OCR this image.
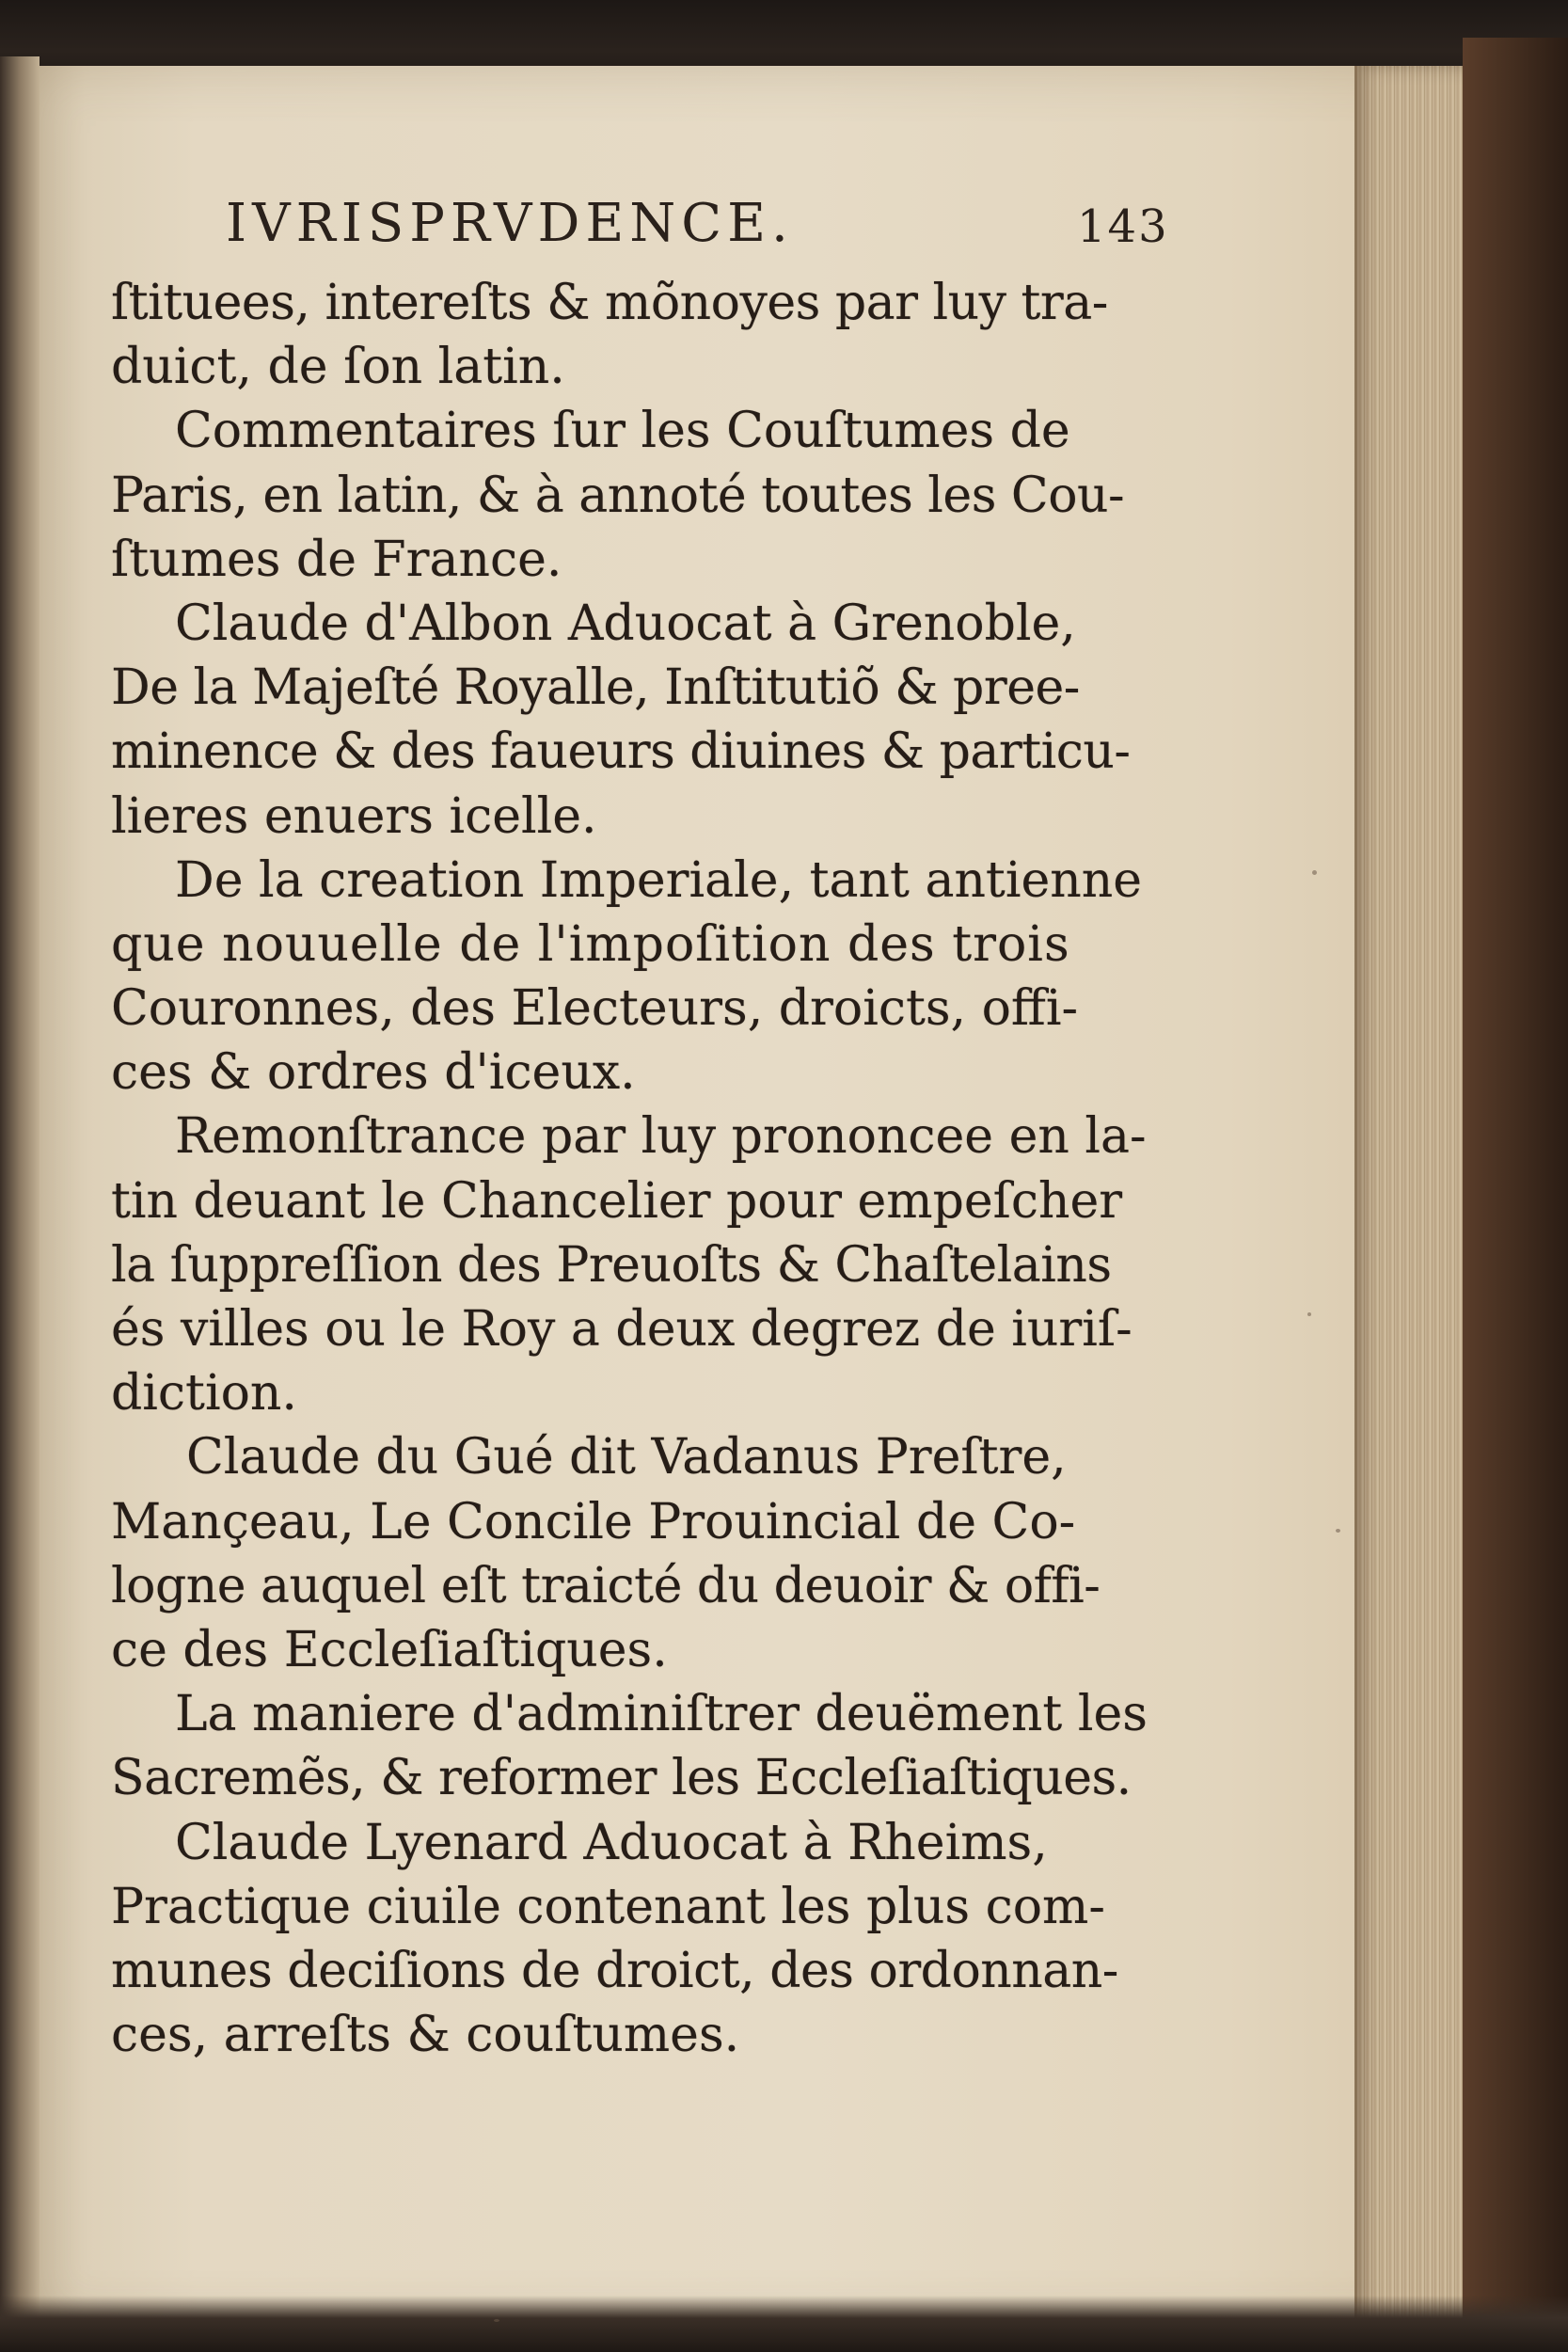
IVRISPRVDENCE.	143
ſtituees, intereſts & mõnoyes par luy tra-
duict, de ſon latin.
Commentaires ſur les Couſtumes de
Paris, en latin, & à annoté toutes les Cou-
ſtumes de France.
Claude d'Albon Aduocat à Grenoble,
De la Majeſté Royalle, Inſtitutiõ & pree-
minence & des faueurs diuines & particu-
lieres enuers icelle.
De la creation Imperiale, tant antienne
que nouuelle de l'impoſition des trois
Couronnes, des Electeurs, droicts, offi-
ces & ordres d'iceux.
Remonſtrance par luy prononcee en la-
tin deuant le Chancelier pour empeſcher
la ſuppreſſion des Preuoſts & Chaſtelains
és villes ou le Roy a deux degrez de iuriſ-
diction.
Claude du Gué dit Vadanus Preſtre,
Mançeau, Le Concile Prouincial de Co-
logne auquel eſt traicté du deuoir & offi-
ce des Eccleſiaſtiques.
La maniere d'adminiſtrer deuëment les
Sacremẽs, & reformer les Eccleſiaſtiques.
Claude Lyenard Aduocat à Rheims,
Practique ciuile contenant les plus com-
munes deciſions de droict, des ordonnan-
ces, arreſts & couſtumes.
